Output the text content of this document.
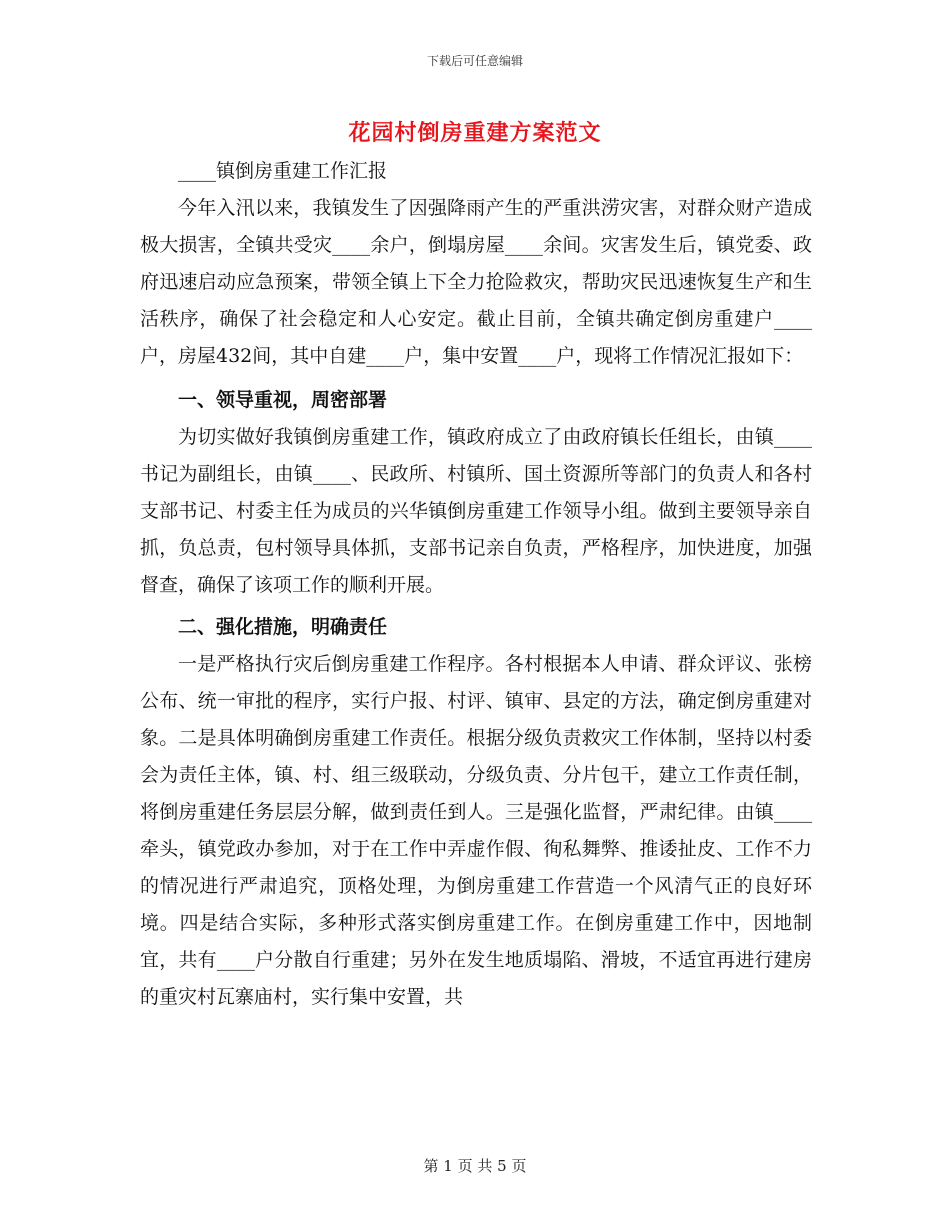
下载后可任意编辑
花园村倒房重建方案范文

____镇倒房重建工作汇报

今年入汛以来，我镇发生了因强降雨产生的严重洪涝灾害，对群众财产造成极大损害，全镇共受灾____余户，倒塌房屋____余间。灾害发生后，镇党委、政府迅速启动应急预案，带领全镇上下全力抢险救灾，帮助灾民迅速恢复生产和生活秩序，确保了社会稳定和人心安定。截止目前，全镇共确定倒房重建户____户，房屋432间，其中自建____户，集中安置____户，现将工作情况汇报如下：

一、领导重视，周密部署

为切实做好我镇倒房重建工作，镇政府成立了由政府镇长任组长，由镇____书记为副组长，由镇____、民政所、村镇所、国土资源所等部门的负责人和各村支部书记、村委主任为成员的兴华镇倒房重建工作领导小组。做到主要领导亲自抓，负总责，包村领导具体抓，支部书记亲自负责，严格程序，加快进度，加强督查，确保了该项工作的顺利开展。

二、强化措施，明确责任

一是严格执行灾后倒房重建工作程序。各村根据本人申请、群众评议、张榜公布、统一审批的程序，实行户报、村评、镇审、县定的方法，确定倒房重建对象。二是具体明确倒房重建工作责任。根据分级负责救灾工作体制，坚持以村委会为责任主体，镇、村、组三级联动，分级负责、分片包干，建立工作责任制，将倒房重建任务层层分解，做到责任到人。三是强化监督，严肃纪律。由镇____牵头，镇党政办参加，对于在工作中弄虚作假、徇私舞弊、推诿扯皮、工作不力的情况进行严肃追究，顶格处理，为倒房重建工作营造一个风清气正的良好环境。四是结合实际，多种形式落实倒房重建工作。在倒房重建工作中，因地制宜，共有____户分散自行重建；另外在发生地质塌陷、滑坡，不适宜再进行建房的重灾村瓦寨庙村，实行集中安置，共

第 1 页 共 5 页
